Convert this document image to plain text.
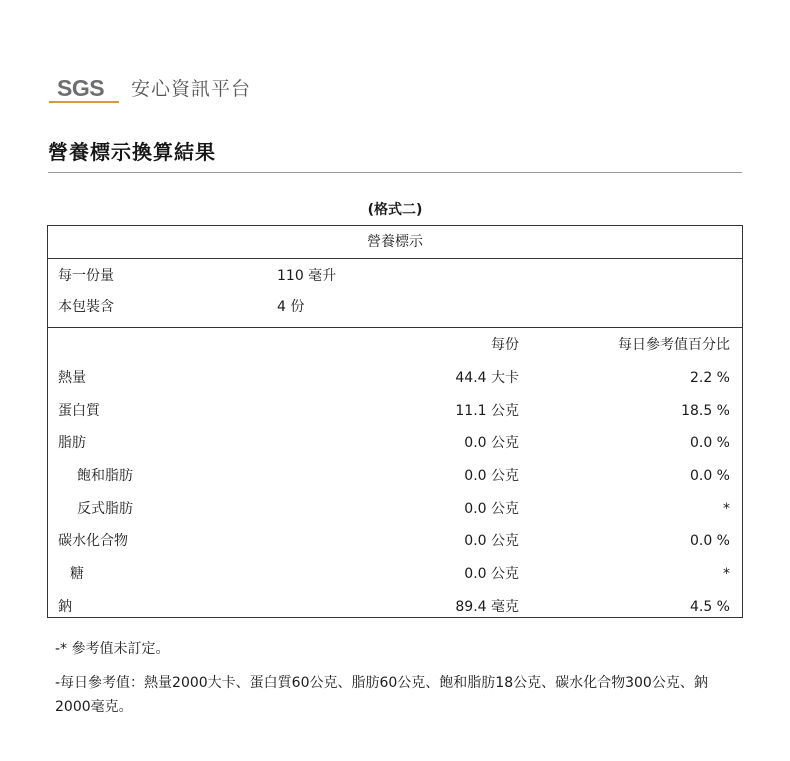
SGS 安心資訊平台
營養標示換算結果
(格式二)
營養標示
每一份量	110 毫升
本包裝含	4 份
每份	每日參考值百分比
熱量	44.4 大卡	2.2 %
蛋白質	11.1 公克	18.5 %
脂肪	0.0 公克	0.0 %
飽和脂肪	0.0 公克	0.0 %
反式脂肪	0.0 公克	*
碳水化合物	0.0 公克	0.0 %
糖	0.0 公克	*
鈉	89.4 毫克	4.5 %
-* 參考值未訂定。
-每日參考值：熱量2000大卡、蛋白質60公克、脂肪60公克、飽和脂肪18公克、碳水化合物300公克、鈉2000毫克。
